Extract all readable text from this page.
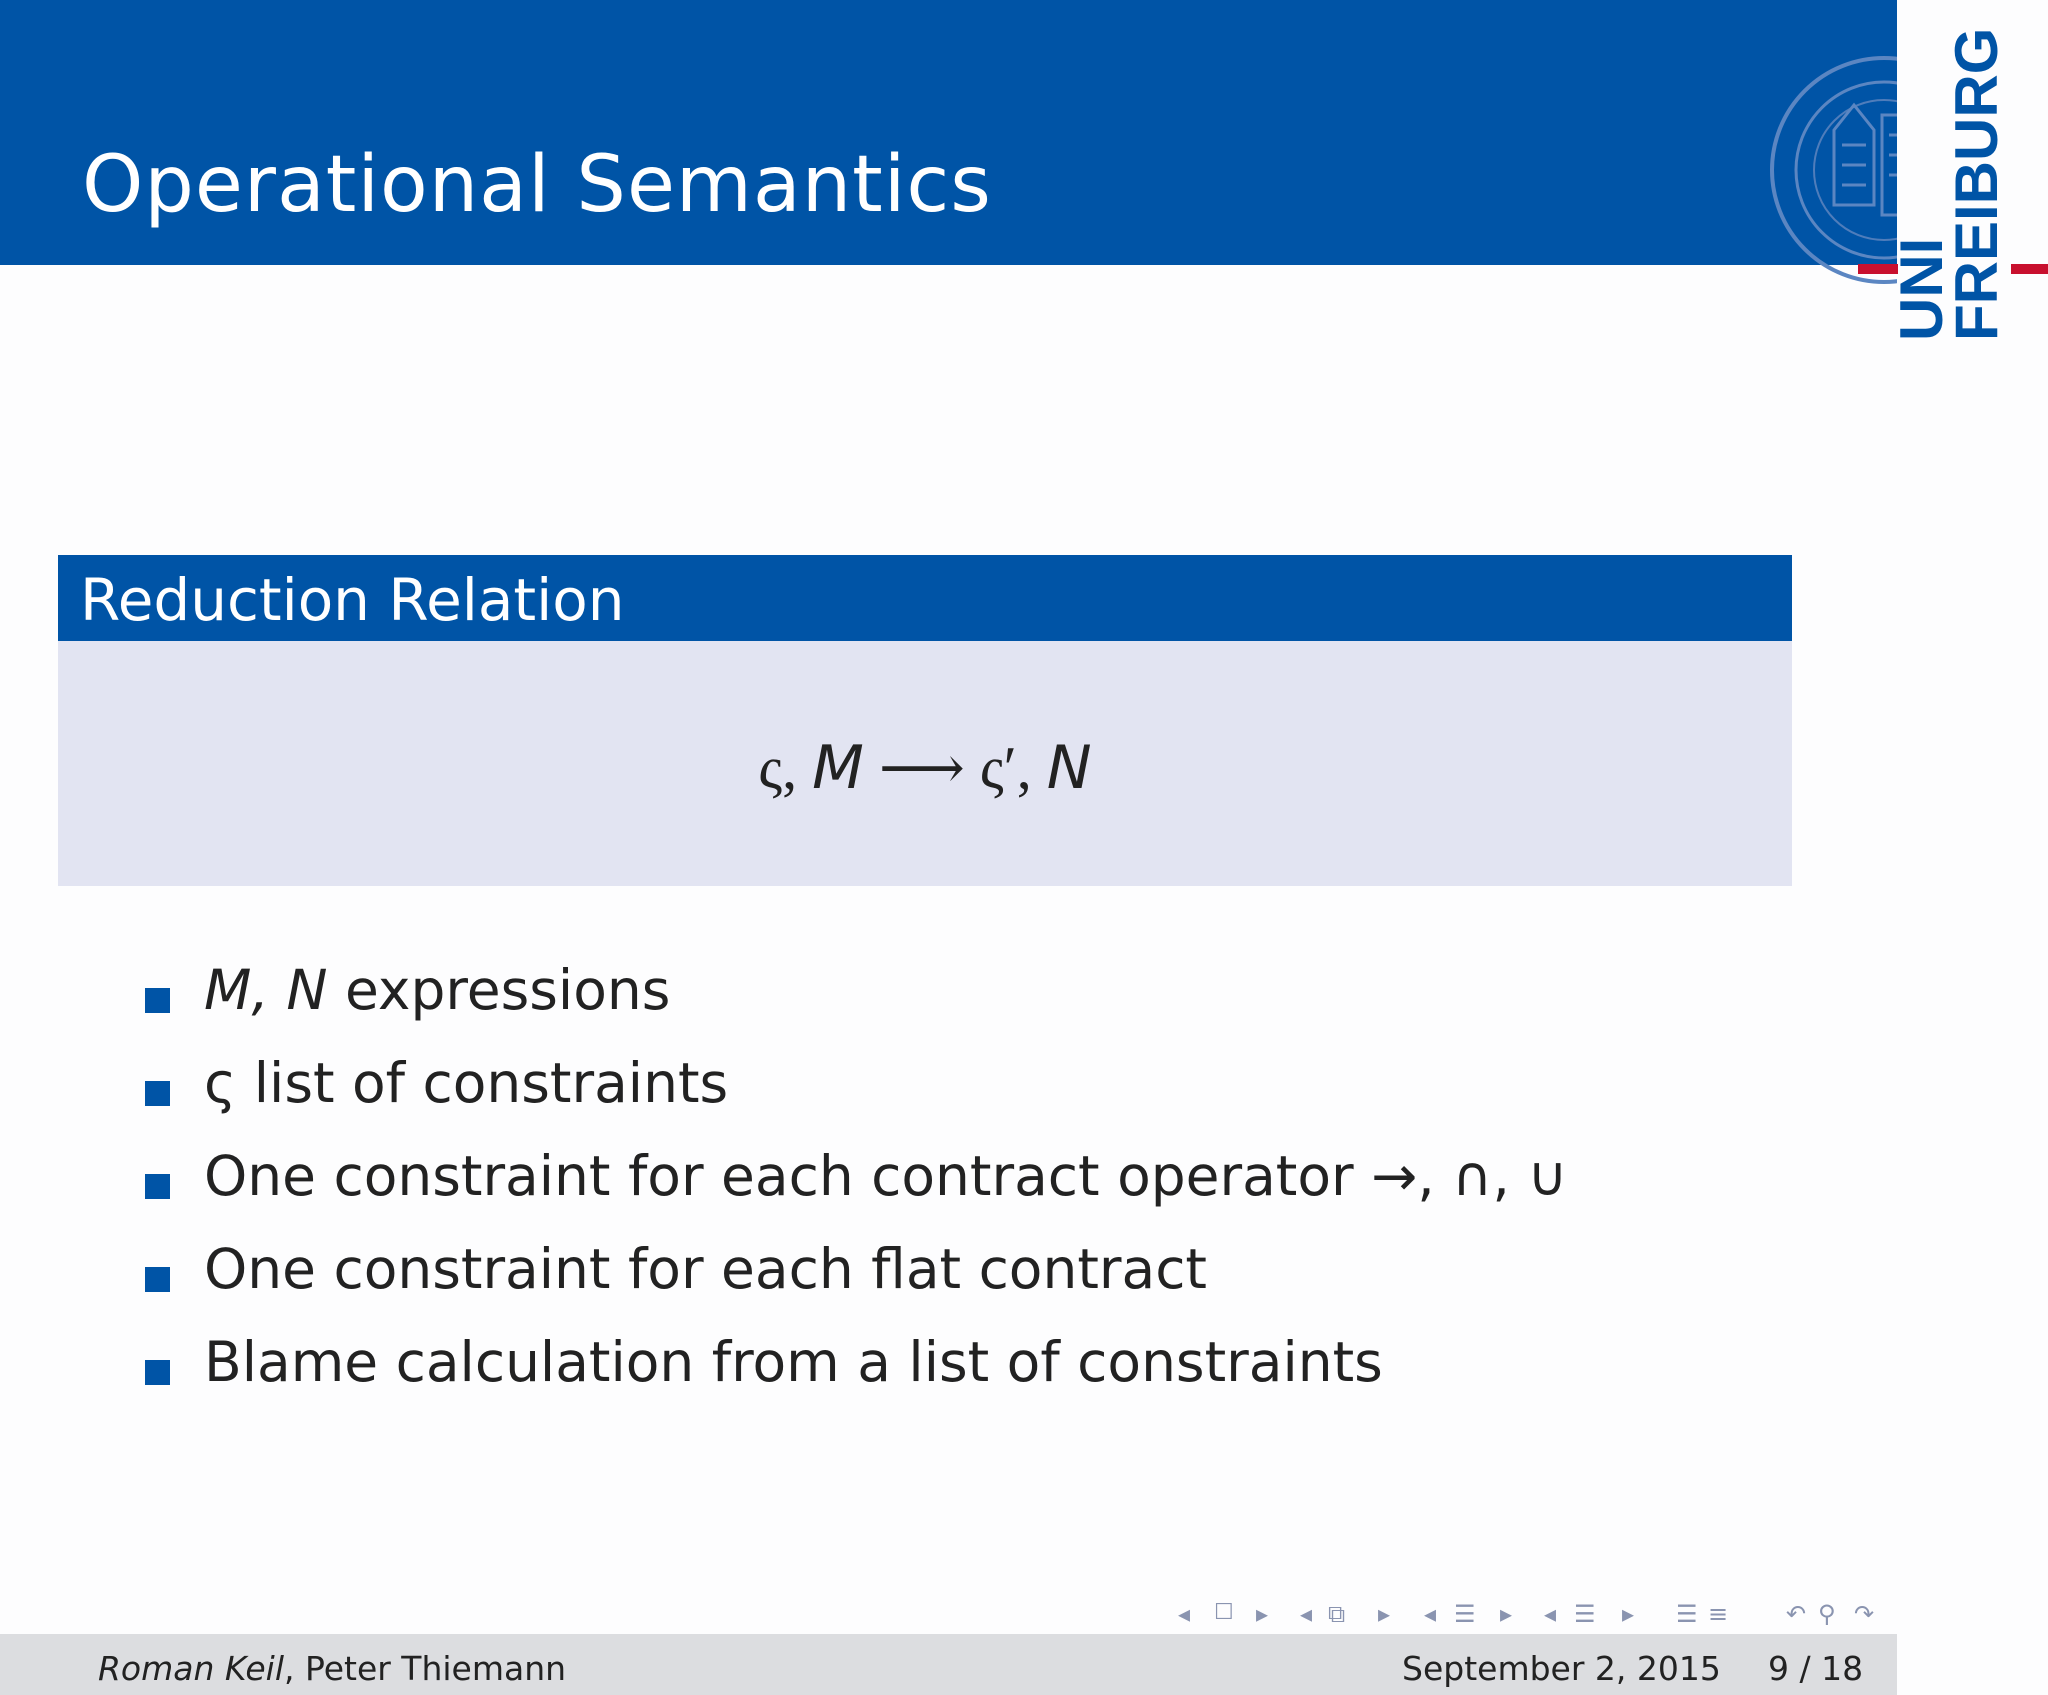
Operational Semantics
UNI
FREIBURG
Reduction Relation
ς, M ⟶ ς′, N
M, N expressions
ς list of constraints
One constraint for each contract operator →, ∩, ∪
One constraint for each flat contract
Blame calculation from a list of constraints
◂ ☐ ▸ ◂ ⧉ ▸ ◂ ☰ ▸ ◂ ☰ ▸ ☰ ≡ ↶ ⚲ ↷
Roman Keil, Peter Thiemann	September 2, 2015 9 / 18
